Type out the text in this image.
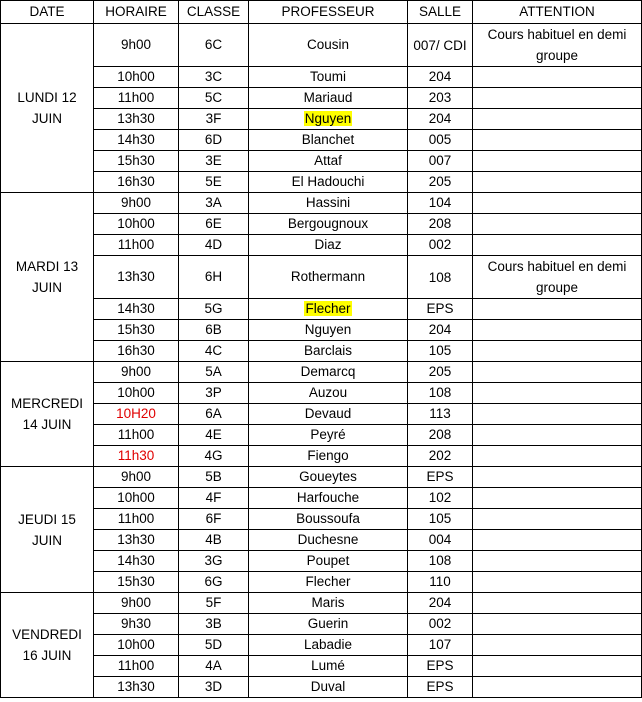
DATE	HORAIRE	CLASSE	PROFESSEUR	SALLE	ATTENTION
LUNDI 12 JUIN	9h00	6C	Cousin	007/ CDI	Cours habituel en demi groupe
	10h00	3C	Toumi	204	
	11h00	5C	Mariaud	203	
	13h30	3F	Nguyen	204	
	14h30	6D	Blanchet	005	
	15h30	3E	Attaf	007	
	16h30	5E	El Hadouchi	205	
MARDI 13 JUIN	9h00	3A	Hassini	104	
	10h00	6E	Bergougnoux	208	
	11h00	4D	Diaz	002	
	13h30	6H	Rothermann	108	Cours habituel en demi groupe
	14h30	5G	Flecher	EPS	
	15h30	6B	Nguyen	204	
	16h30	4C	Barclais	105	
MERCREDI 14 JUIN	9h00	5A	Demarcq	205	
	10h00	3P	Auzou	108	
	10H20	6A	Devaud	113	
	11h00	4E	Peyré	208	
	11h30	4G	Fiengo	202	
JEUDI 15 JUIN	9h00	5B	Goueytes	EPS	
	10h00	4F	Harfouche	102	
	11h00	6F	Boussoufa	105	
	13h30	4B	Duchesne	004	
	14h30	3G	Poupet	108	
	15h30	6G	Flecher	110	
VENDREDI 16 JUIN	9h00	5F	Maris	204	
	9h30	3B	Guerin	002	
	10h00	5D	Labadie	107	
	11h00	4A	Lumé	EPS	
	13h30	3D	Duval	EPS	
